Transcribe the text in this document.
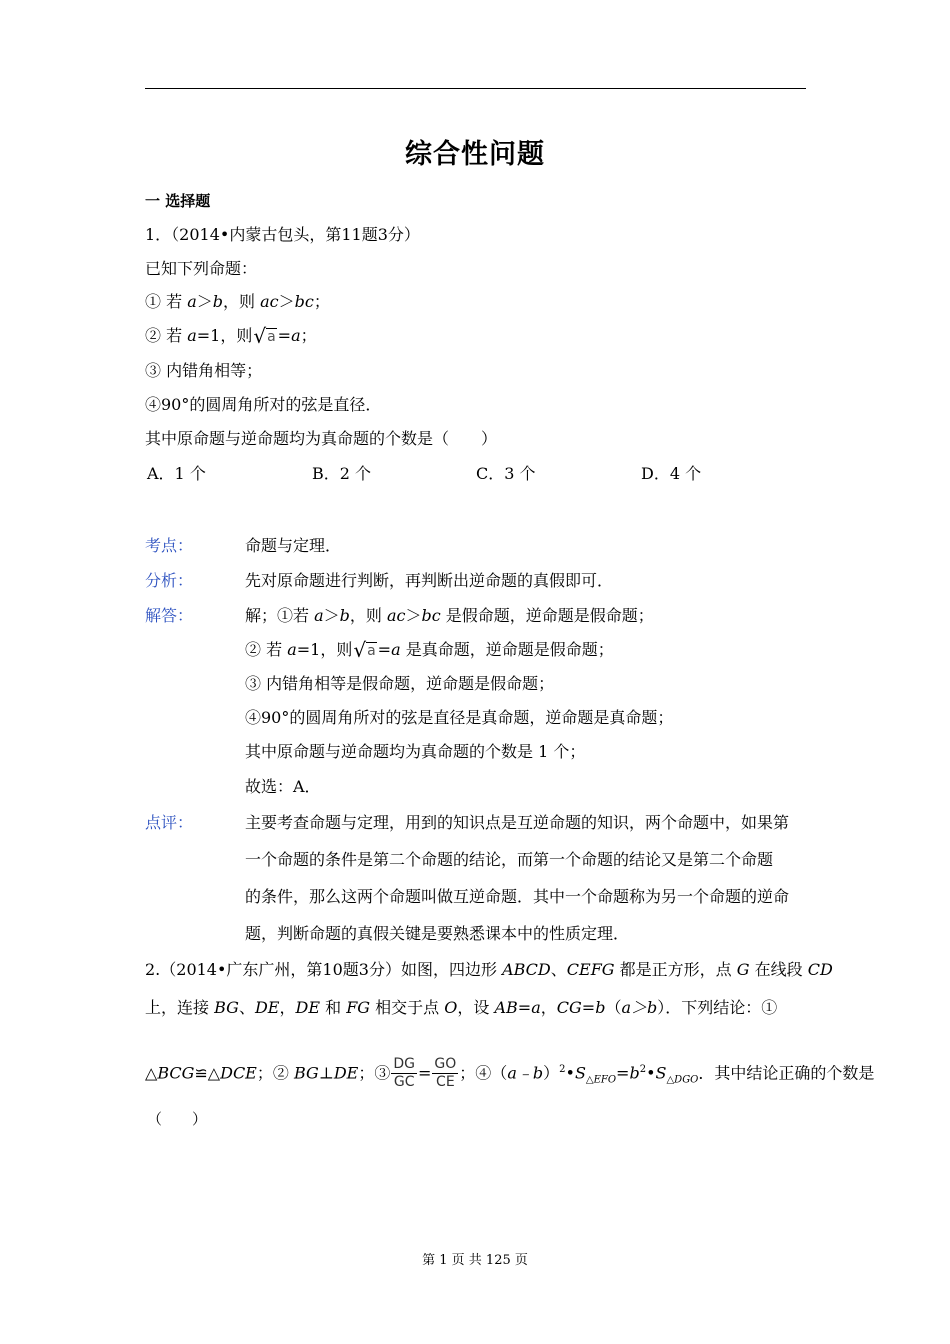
综合性问题
一 选择题
1．（2014•内蒙古包头，第11题3分）
已知下列命题：
① 若 a＞b，则 ac＞bc；
② 若 a=1，则√a =a；
③ 内错角相等；
④90°的圆周角所对的弦是直径．
其中原命题与逆命题均为真命题的个数是（　　）
A．1 个	B．2 个	C．3 个	D．4 个
考点：	命题与定理．
分析：	先对原命题进行判断，再判断出逆命题的真假即可．
解答：	解；①若 a＞b，则 ac＞bc 是假命题，逆命题是假命题；
② 若 a=1，则√a =a 是真命题，逆命题是假命题；
③ 内错角相等是假命题，逆命题是假命题；
④90°的圆周角所对的弦是直径是真命题，逆命题是真命题；
其中原命题与逆命题均为真命题的个数是 1 个；
故选：A．
点评：	主要考查命题与定理，用到的知识点是互逆命题的知识，两个命题中，如果第
一个命题的条件是第二个命题的结论，而第一个命题的结论又是第二个命题
的条件，那么这两个命题叫做互逆命题．其中一个命题称为另一个命题的逆命
题，判断命题的真假关键是要熟悉课本中的性质定理．
2.（2014•广东广州，第10题3分）如图，四边形 ABCD、CEFG 都是正方形，点 G 在线段 CD
上，连接 BG、DE，DE 和 FG 相交于点 O，设 AB=a，CG=b（a＞b）．下列结论：①
△BCG≌△DCE；② BG⊥DE；③ $\frac{DG}{GC} = \frac{GO}{CE}$ ；$④(a﹣b)^2•S_{\triangle EFO}=b^2•S_{\triangle DGO}$．其中结论正确的个数是
（　　）
第 1 页 共 125 页
